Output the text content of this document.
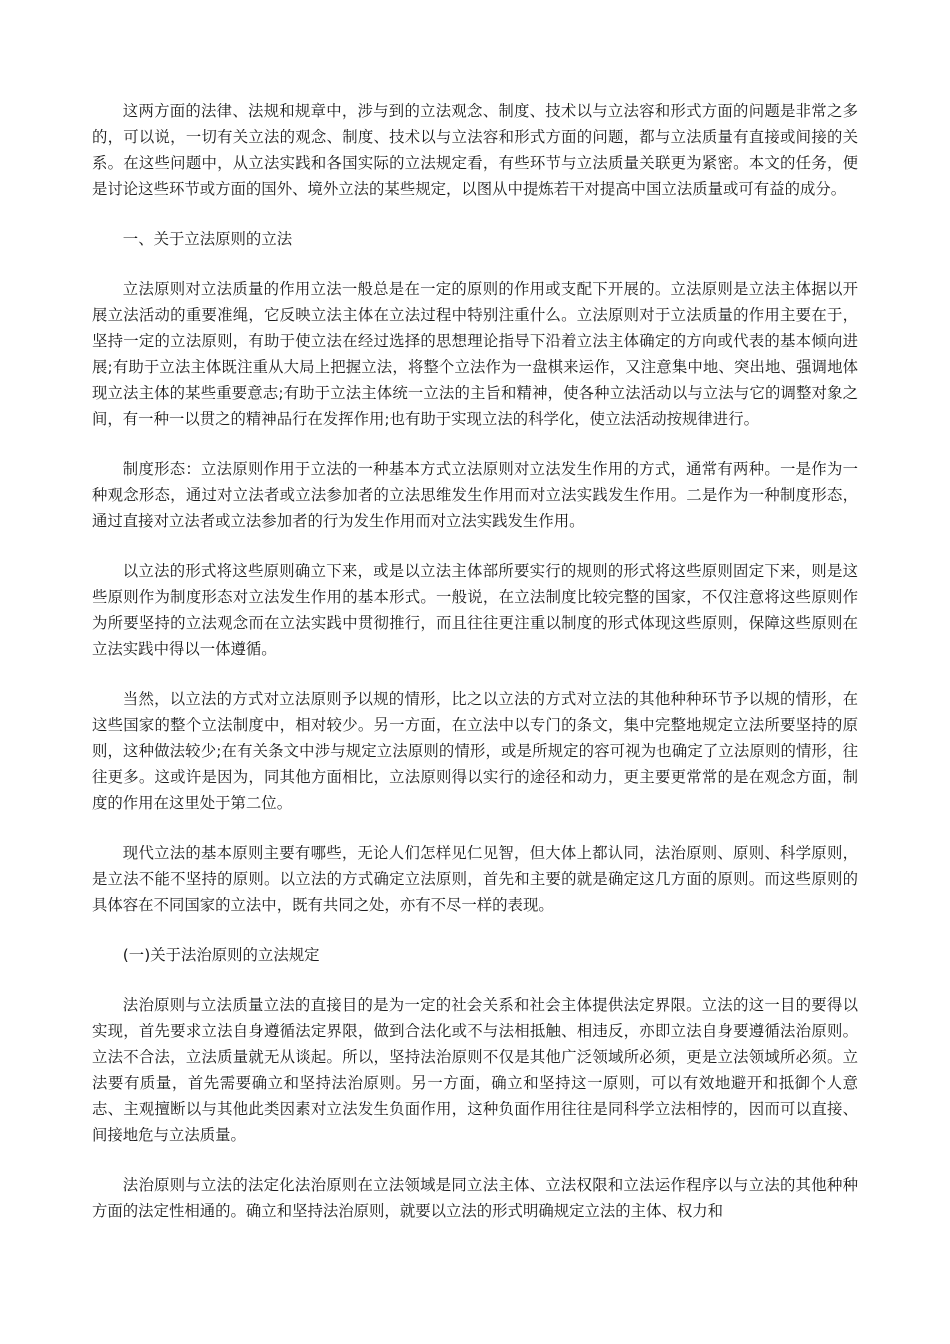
这两方面的法律、法规和规章中，涉与到的立法观念、制度、技术以与立法容和形式方面的问题是非常之多的，可以说，一切有关立法的观念、制度、技术以与立法容和形式方面的问题，都与立法质量有直接或间接的关系。在这些问题中，从立法实践和各国实际的立法规定看，有些环节与立法质量关联更为紧密。本文的任务，便是讨论这些环节或方面的国外、境外立法的某些规定，以图从中提炼若干对提高中国立法质量或可有益的成分。

一、关于立法原则的立法

立法原则对立法质量的作用立法一般总是在一定的原则的作用或支配下开展的。立法原则是立法主体据以开展立法活动的重要准绳，它反映立法主体在立法过程中特别注重什么。立法原则对于立法质量的作用主要在于，坚持一定的立法原则，有助于使立法在经过选择的思想理论指导下沿着立法主体确定的方向或代表的基本倾向进展;有助于立法主体既注重从大局上把握立法，将整个立法作为一盘棋来运作，又注意集中地、突出地、强调地体现立法主体的某些重要意志;有助于立法主体统一立法的主旨和精神，使各种立法活动以与立法与它的调整对象之间，有一种一以贯之的精神品行在发挥作用;也有助于实现立法的科学化，使立法活动按规律进行。

制度形态：立法原则作用于立法的一种基本方式立法原则对立法发生作用的方式，通常有两种。一是作为一种观念形态，通过对立法者或立法参加者的立法思维发生作用而对立法实践发生作用。二是作为一种制度形态，通过直接对立法者或立法参加者的行为发生作用而对立法实践发生作用。

以立法的形式将这些原则确立下来，或是以立法主体部所要实行的规则的形式将这些原则固定下来，则是这些原则作为制度形态对立法发生作用的基本形式。一般说，在立法制度比较完整的国家，不仅注意将这些原则作为所要坚持的立法观念而在立法实践中贯彻推行，而且往往更注重以制度的形式体现这些原则，保障这些原则在立法实践中得以一体遵循。

当然，以立法的方式对立法原则予以规的情形，比之以立法的方式对立法的其他种种环节予以规的情形，在这些国家的整个立法制度中，相对较少。另一方面，在立法中以专门的条文，集中完整地规定立法所要坚持的原则，这种做法较少;在有关条文中涉与规定立法原则的情形，或是所规定的容可视为也确定了立法原则的情形，往往更多。这或许是因为，同其他方面相比，立法原则得以实行的途径和动力，更主要更常常的是在观念方面，制度的作用在这里处于第二位。

现代立法的基本原则主要有哪些，无论人们怎样见仁见智，但大体上都认同，法治原则、原则、科学原则，是立法不能不坚持的原则。以立法的方式确定立法原则，首先和主要的就是确定这几方面的原则。而这些原则的具体容在不同国家的立法中，既有共同之处，亦有不尽一样的表现。

(一)关于法治原则的立法规定

法治原则与立法质量立法的直接目的是为一定的社会关系和社会主体提供法定界限。立法的这一目的要得以实现，首先要求立法自身遵循法定界限，做到合法化或不与法相抵触、相违反，亦即立法自身要遵循法治原则。立法不合法，立法质量就无从谈起。所以，坚持法治原则不仅是其他广泛领域所必须，更是立法领域所必须。立法要有质量，首先需要确立和坚持法治原则。另一方面，确立和坚持这一原则，可以有效地避开和抵御个人意志、主观擅断以与其他此类因素对立法发生负面作用，这种负面作用往往是同科学立法相悖的，因而可以直接、间接地危与立法质量。

法治原则与立法的法定化法治原则在立法领域是同立法主体、立法权限和立法运作程序以与立法的其他种种方面的法定性相通的。确立和坚持法治原则，就要以立法的形式明确规定立法的主体、权力和
